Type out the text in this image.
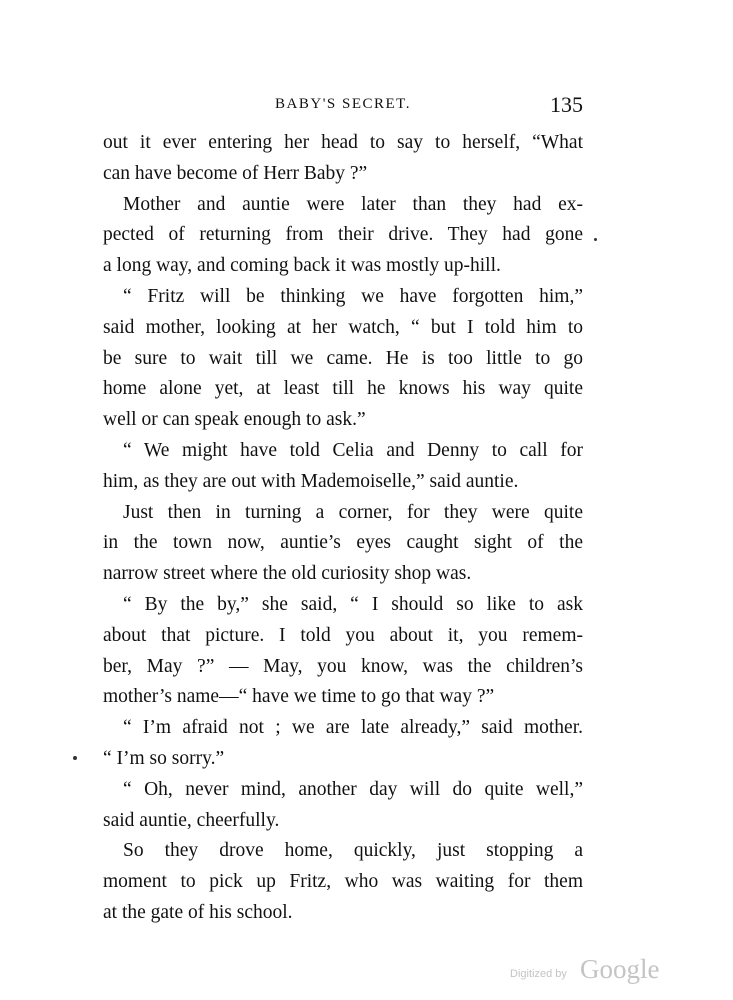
BABY'S SECRET.	135
out it ever entering her head to say to herself, “What
can have become of Herr Baby ?”
Mother and auntie were later than they had ex-
pected of returning from their drive. They had gone
a long way, and coming back it was mostly up-hill.
“ Fritz will be thinking we have forgotten him,”
said mother, looking at her watch, “ but I told him to
be sure to wait till we came. He is too little to go
home alone yet, at least till he knows his way quite
well or can speak enough to ask.”
“ We might have told Celia and Denny to call for
him, as they are out with Mademoiselle,” said auntie.
Just then in turning a corner, for they were quite
in the town now, auntie’s eyes caught sight of the
narrow street where the old curiosity shop was.
“ By the by,” she said, “ I should so like to ask
about that picture. I told you about it, you remem-
ber, May ?” — May, you know, was the children’s
mother’s name—“ have we time to go that way ?”
“ I’m afraid not ; we are late already,” said mother.
“ I’m so sorry.”
“ Oh, never mind, another day will do quite well,”
said auntie, cheerfully.
So they drove home, quickly, just stopping a
moment to pick up Fritz, who was waiting for them
at the gate of his school.
Digitized by Google
